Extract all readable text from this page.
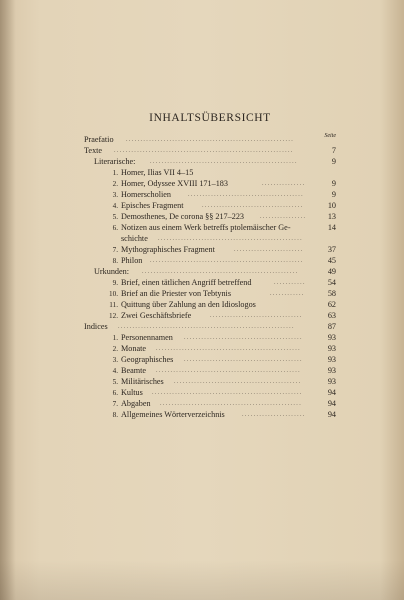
INHALTSÜBERSICHT
Seite
Praefatio ..........................................................
Texte ..............................................................	7
Literarische: ...................................................	9
1. Homer, Ilias VII 4–15
2. Homer, Odyssee XVIII 171–183	...............	9
3. Homerscholien	........................................	9
4. Episches Fragment	...................................	10
5. Demosthenes, De corona §§ 217–223	................	13
6. Notizen aus einem Werk betreffs ptolemäischer Ge-	14
schichte ..................................................
7. Mythographisches Fragment	........................	37
8. Philon .....................................................	45
Urkunden: ......................................................	49
9. Brief, einen tätlichen Angriff betreffend	...........	54
10. Brief an die Priester von Tebtynis	............	58
11. Quittung über Zahlung an den Idioslogos	62
12. Zwei Geschäftsbriefe	................................	63
Indices .............................................................	87
1. Personennamen .........................................	93
2. Monate ..................................................	93
3. Geographisches .........................................	93
4. Beamte ..................................................	93
5. Militärisches ............................................	93
6. Kultus ....................................................	94
7. Abgaben .................................................	94
8. Allgemeines Wörterverzeichnis	......................	94
